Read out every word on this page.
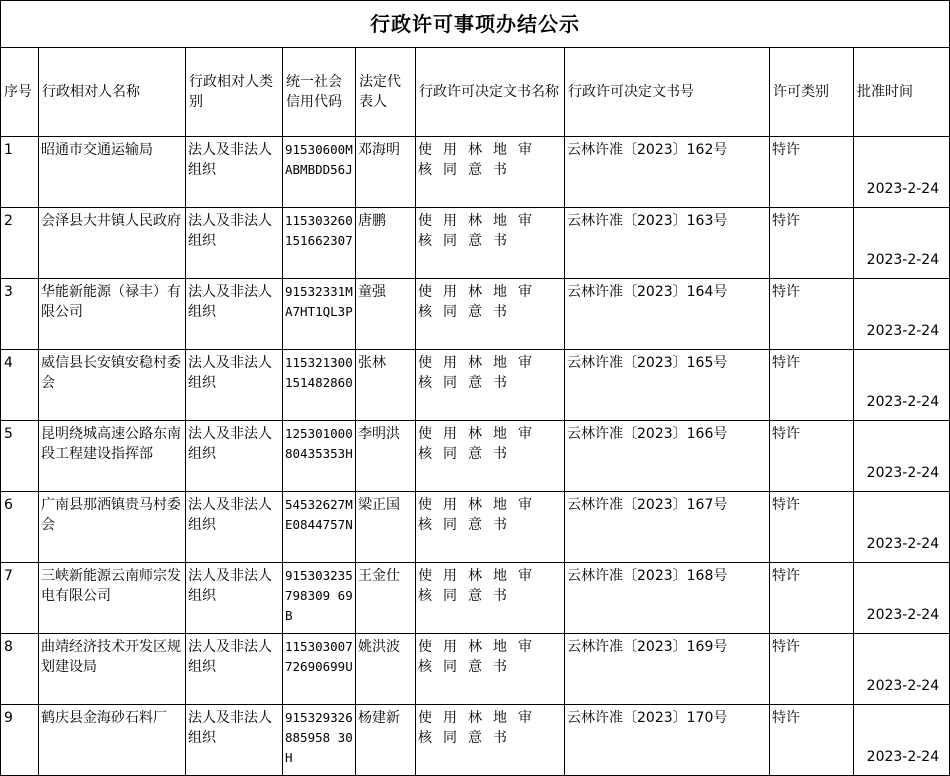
行政许可事项办结公示								
序号	行政相对人名称	行政相对人类别	统一社会信用代码	法定代表人	行政许可决定文书名称	行政许可决定文书号	许可类别	批准时间
1	昭通市交通运输局	法人及非法人组织	91530600MABMBDD56J	邓海明	使用林地审核同意书	云林许准〔2023〕162号	特许	2023-2-24
2	会泽县大井镇人民政府	法人及非法人组织	115303260151662307	唐鹏	使用林地审核同意书	云林许准〔2023〕163号	特许	2023-2-24
3	华能新能源（禄丰）有限公司	法人及非法人组织	91532331MA7HT1QL3P	童强	使用林地审核同意书	云林许准〔2023〕164号	特许	2023-2-24
4	威信县长安镇安稳村委会	法人及非法人组织	115321300151482860	张林	使用林地审核同意书	云林许准〔2023〕165号	特许	2023-2-24
5	昆明绕城高速公路东南段工程建设指挥部	法人及非法人组织	12530100080435353H	李明洪	使用林地审核同意书	云林许准〔2023〕166号	特许	2023-2-24
6	广南县那洒镇贵马村委会	法人及非法人组织	54532627ME0844757N	梁正国	使用林地审核同意书	云林许准〔2023〕167号	特许	2023-2-24
7	三峡新能源云南师宗发电有限公司	法人及非法人组织	915303235798309 69B	王金仕	使用林地审核同意书	云林许准〔2023〕168号	特许	2023-2-24
8	曲靖经济技术开发区规划建设局	法人及非法人组织	11530300772690699U	姚洪波	使用林地审核同意书	云林许准〔2023〕169号	特许	2023-2-24
9	鹤庆县金海砂石料厂	法人及非法人组织	915329326885958 30H	杨建新	使用林地审核同意书	云林许准〔2023〕170号	特许	2023-2-24
